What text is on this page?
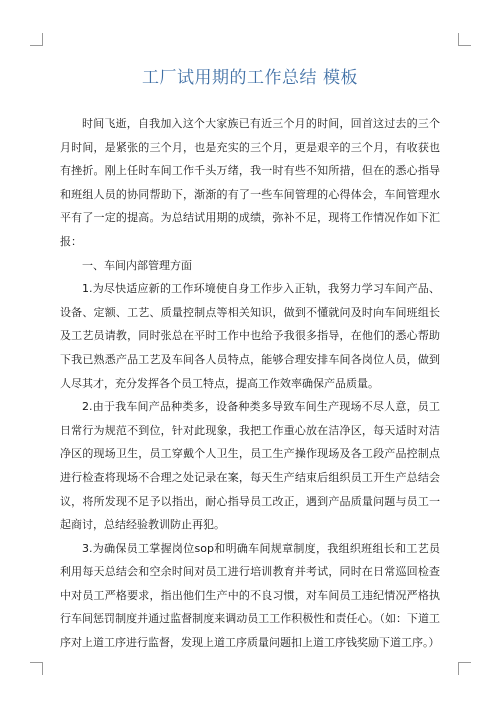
工厂试用期的工作总结 模板

时间飞逝，自我加入这个大家族已有近三个月的时间，回首这过去的三个月时间，是紧张的三个月，也是充实的三个月，更是艰辛的三个月，有收获也有挫折。刚上任时车间工作千头万绪，我一时有些不知所措，但在的悉心指导和班组人员的协同帮助下，渐渐的有了一些车间管理的心得体会，车间管理水平有了一定的提高。为总结试用期的成绩，弥补不足，现将工作情况作如下汇报：

一、车间内部管理方面

1.为尽快适应新的工作环境使自身工作步入正轨，我努力学习车间产品、设备、定额、工艺、质量控制点等相关知识，做到不懂就问及时向车间班组长及工艺员请教，同时张总在平时工作中也给予我很多指导，在他们的悉心帮助下我已熟悉产品工艺及车间各人员特点，能够合理安排车间各岗位人员，做到人尽其才，充分发挥各个员工特点，提高工作效率确保产品质量。

2.由于我车间产品种类多，设备种类多导致车间生产现场不尽人意，员工日常行为规范不到位，针对此现象，我把工作重心放在洁净区，每天适时对洁净区的现场卫生，员工穿戴个人卫生，员工生产操作现场及各工段产品控制点进行检查将现场不合理之处记录在案，每天生产结束后组织员工开生产总结会议，将所发现不足予以指出，耐心指导员工改正，遇到产品质量问题与员工一起商讨，总结经验教训防止再犯。

3.为确保员工掌握岗位sop和明确车间规章制度，我组织班组长和工艺员利用每天总结会和空余时间对员工进行培训教育并考试，同时在日常巡回检查中对员工严格要求，指出他们生产中的不良习惯，对车间员工违纪情况严格执行车间惩罚制度并通过监督制度来调动员工工作积极性和责任心。（如：下道工序对上道工序进行监督，发现上道工序质量问题扣上道工序钱奖励下道工序。）
